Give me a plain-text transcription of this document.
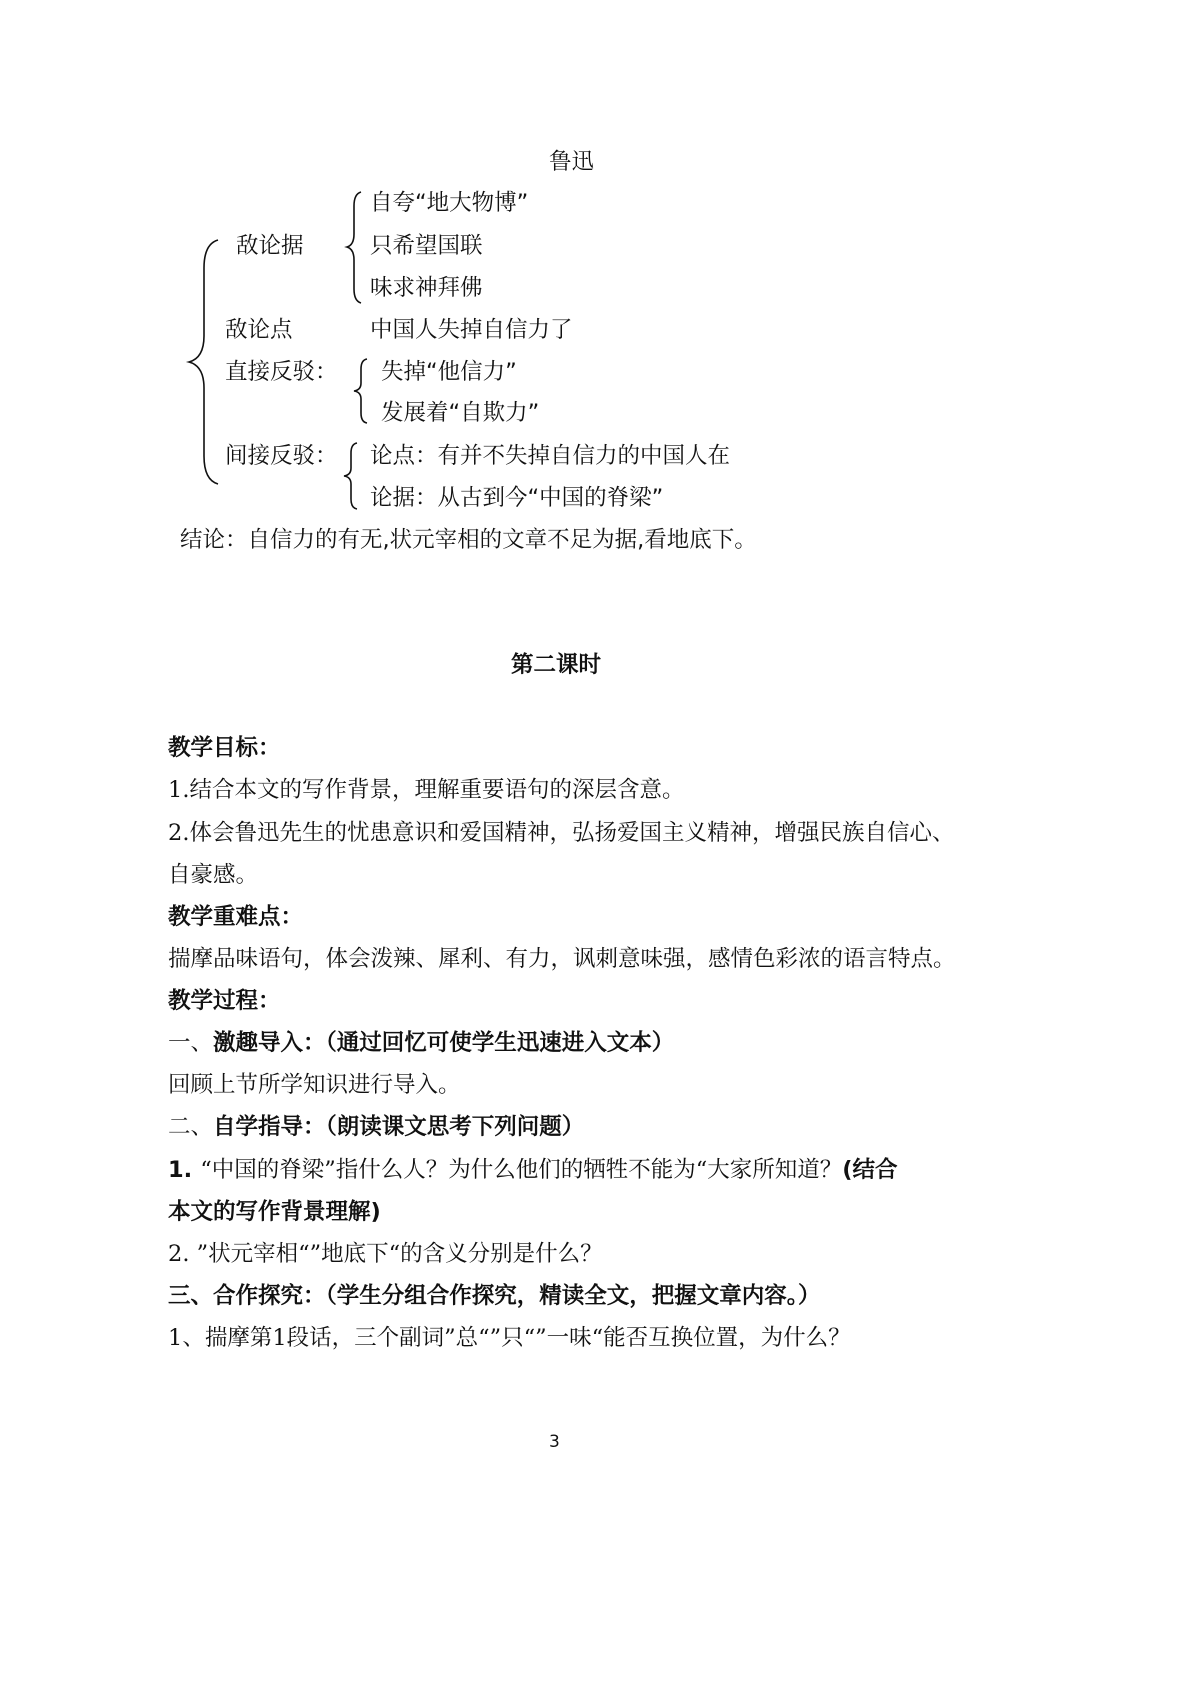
鲁迅
敌论据
自夸“地大物博”
只希望国联
味求神拜佛
敌论点	中国人失掉自信力了
直接反驳： 失掉“他信力”
发展着“自欺力”
间接反驳： 论点：有并不失掉自信力的中国人在
论据：从古到今“中国的脊梁”
结论：自信力的有无,状元宰相的文章不足为据,看地底下。
第二课时
教学目标：
1.结合本文的写作背景，理解重要语句的深层含意。
2.体会鲁迅先生的忧患意识和爱国精神，弘扬爱国主义精神，增强民族自信心、
自豪感。
教学重难点：
揣摩品味语句，体会泼辣、犀利、有力，讽刺意味强，感情色彩浓的语言特点。
教学过程：
一、激趣导入：（通过回忆可使学生迅速进入文本）
回顾上节所学知识进行导入。
二、自学指导：（朗读课文思考下列问题）
1. “中国的脊梁”指什么人？为什么他们的牺牲不能为“大家所知道？(结合
本文的写作背景理解)
2. ”状元宰相“”地底下“的含义分别是什么？
三、合作探究：（学生分组合作探究，精读全文，把握文章内容。）
1、揣摩第1段话，三个副词”总“”只“”一味“能否互换位置，为什么？
3
